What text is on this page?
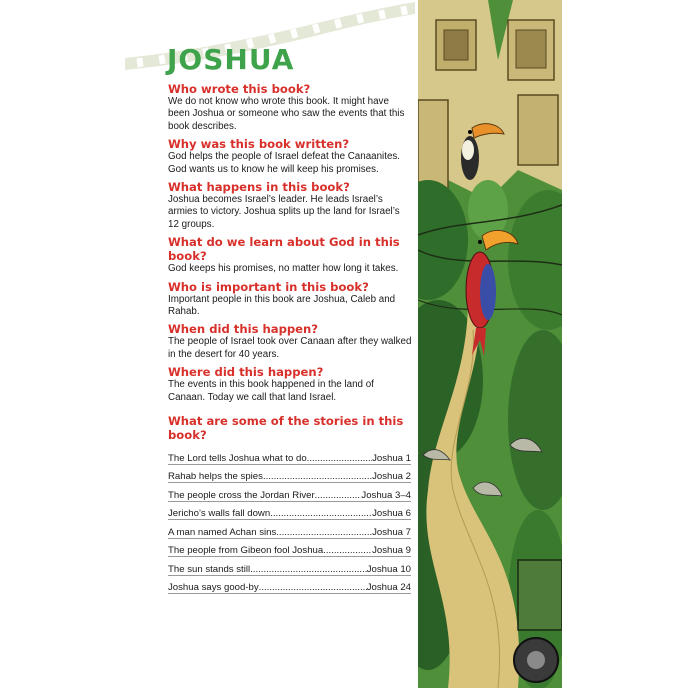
JOSHUA
Who wrote this book?

We do not know who wrote this book. It might have been Joshua or someone who saw the events that this book describes.

Why was this book written?

God helps the people of Israel defeat the Canaanites. God wants us to know he will keep his promises.

What happens in this book?

Joshua becomes Israel’s leader. He leads Israel’s armies to victory. Joshua splits up the land for Israel’s 12 groups.

What do we learn about God in this book?

God keeps his promises, no matter how long it takes.

Who is important in this book?

Important people in this book are Joshua, Caleb and Rahab.

When did this happen?

The people of Israel took over Canaan after they walked in the desert for 40 years.

Where did this happen?

The events in this book happened in the land of Canaan. Today we call that land Israel.

What are some of the stories in this book?
The Lord tells Joshua what to do .....	Joshua 1
Rahab helps the spies .....	Joshua 2
The people cross the Jordan River .....	Joshua 3–4
Jericho’s walls fall down .....	Joshua 6
A man named Achan sins .....	Joshua 7
The people from Gibeon fool Joshua .....	Joshua 9
The sun stands still .....	Joshua 10
Joshua says good-by .....	Joshua 24
